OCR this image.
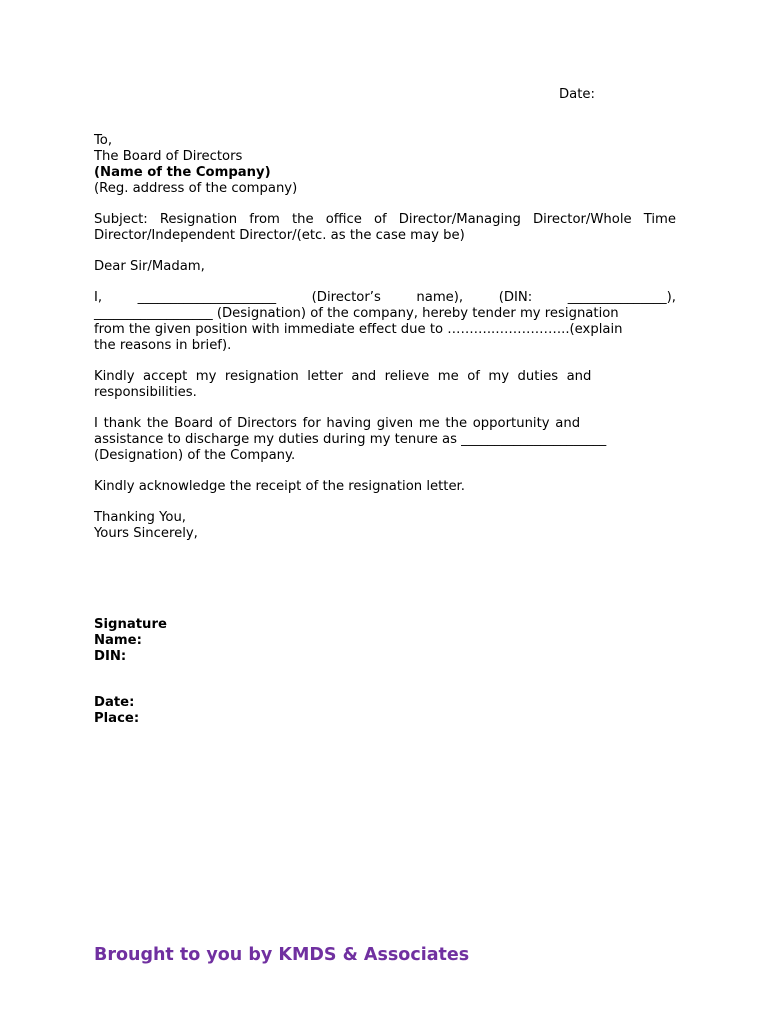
Date:
To,
The Board of Directors
(Name of the Company)
(Reg. address of the company)
Subject: Resignation from the office of Director/Managing Director/Whole Time
Director/Independent Director/(etc. as the case may be)
Dear Sir/Madam,
I,	_____________________	(Director’s	name),	(DIN:	_______________),
__________________ (Designation) of the company, hereby tender my resignation
from the given position with immediate effect due to ………..……………..(explain
the reasons in brief).
Kindly accept my resignation letter and relieve me of my duties and
responsibilities.
I thank the Board of Directors for having given me the opportunity and
assistance to discharge my duties during my tenure as ______________________
(Designation) of the Company.
Kindly acknowledge the receipt of the resignation letter.
Thanking You,
Yours Sincerely,
Signature
Name:
DIN:
Date:
Place:
Brought to you by KMDS & Associates
